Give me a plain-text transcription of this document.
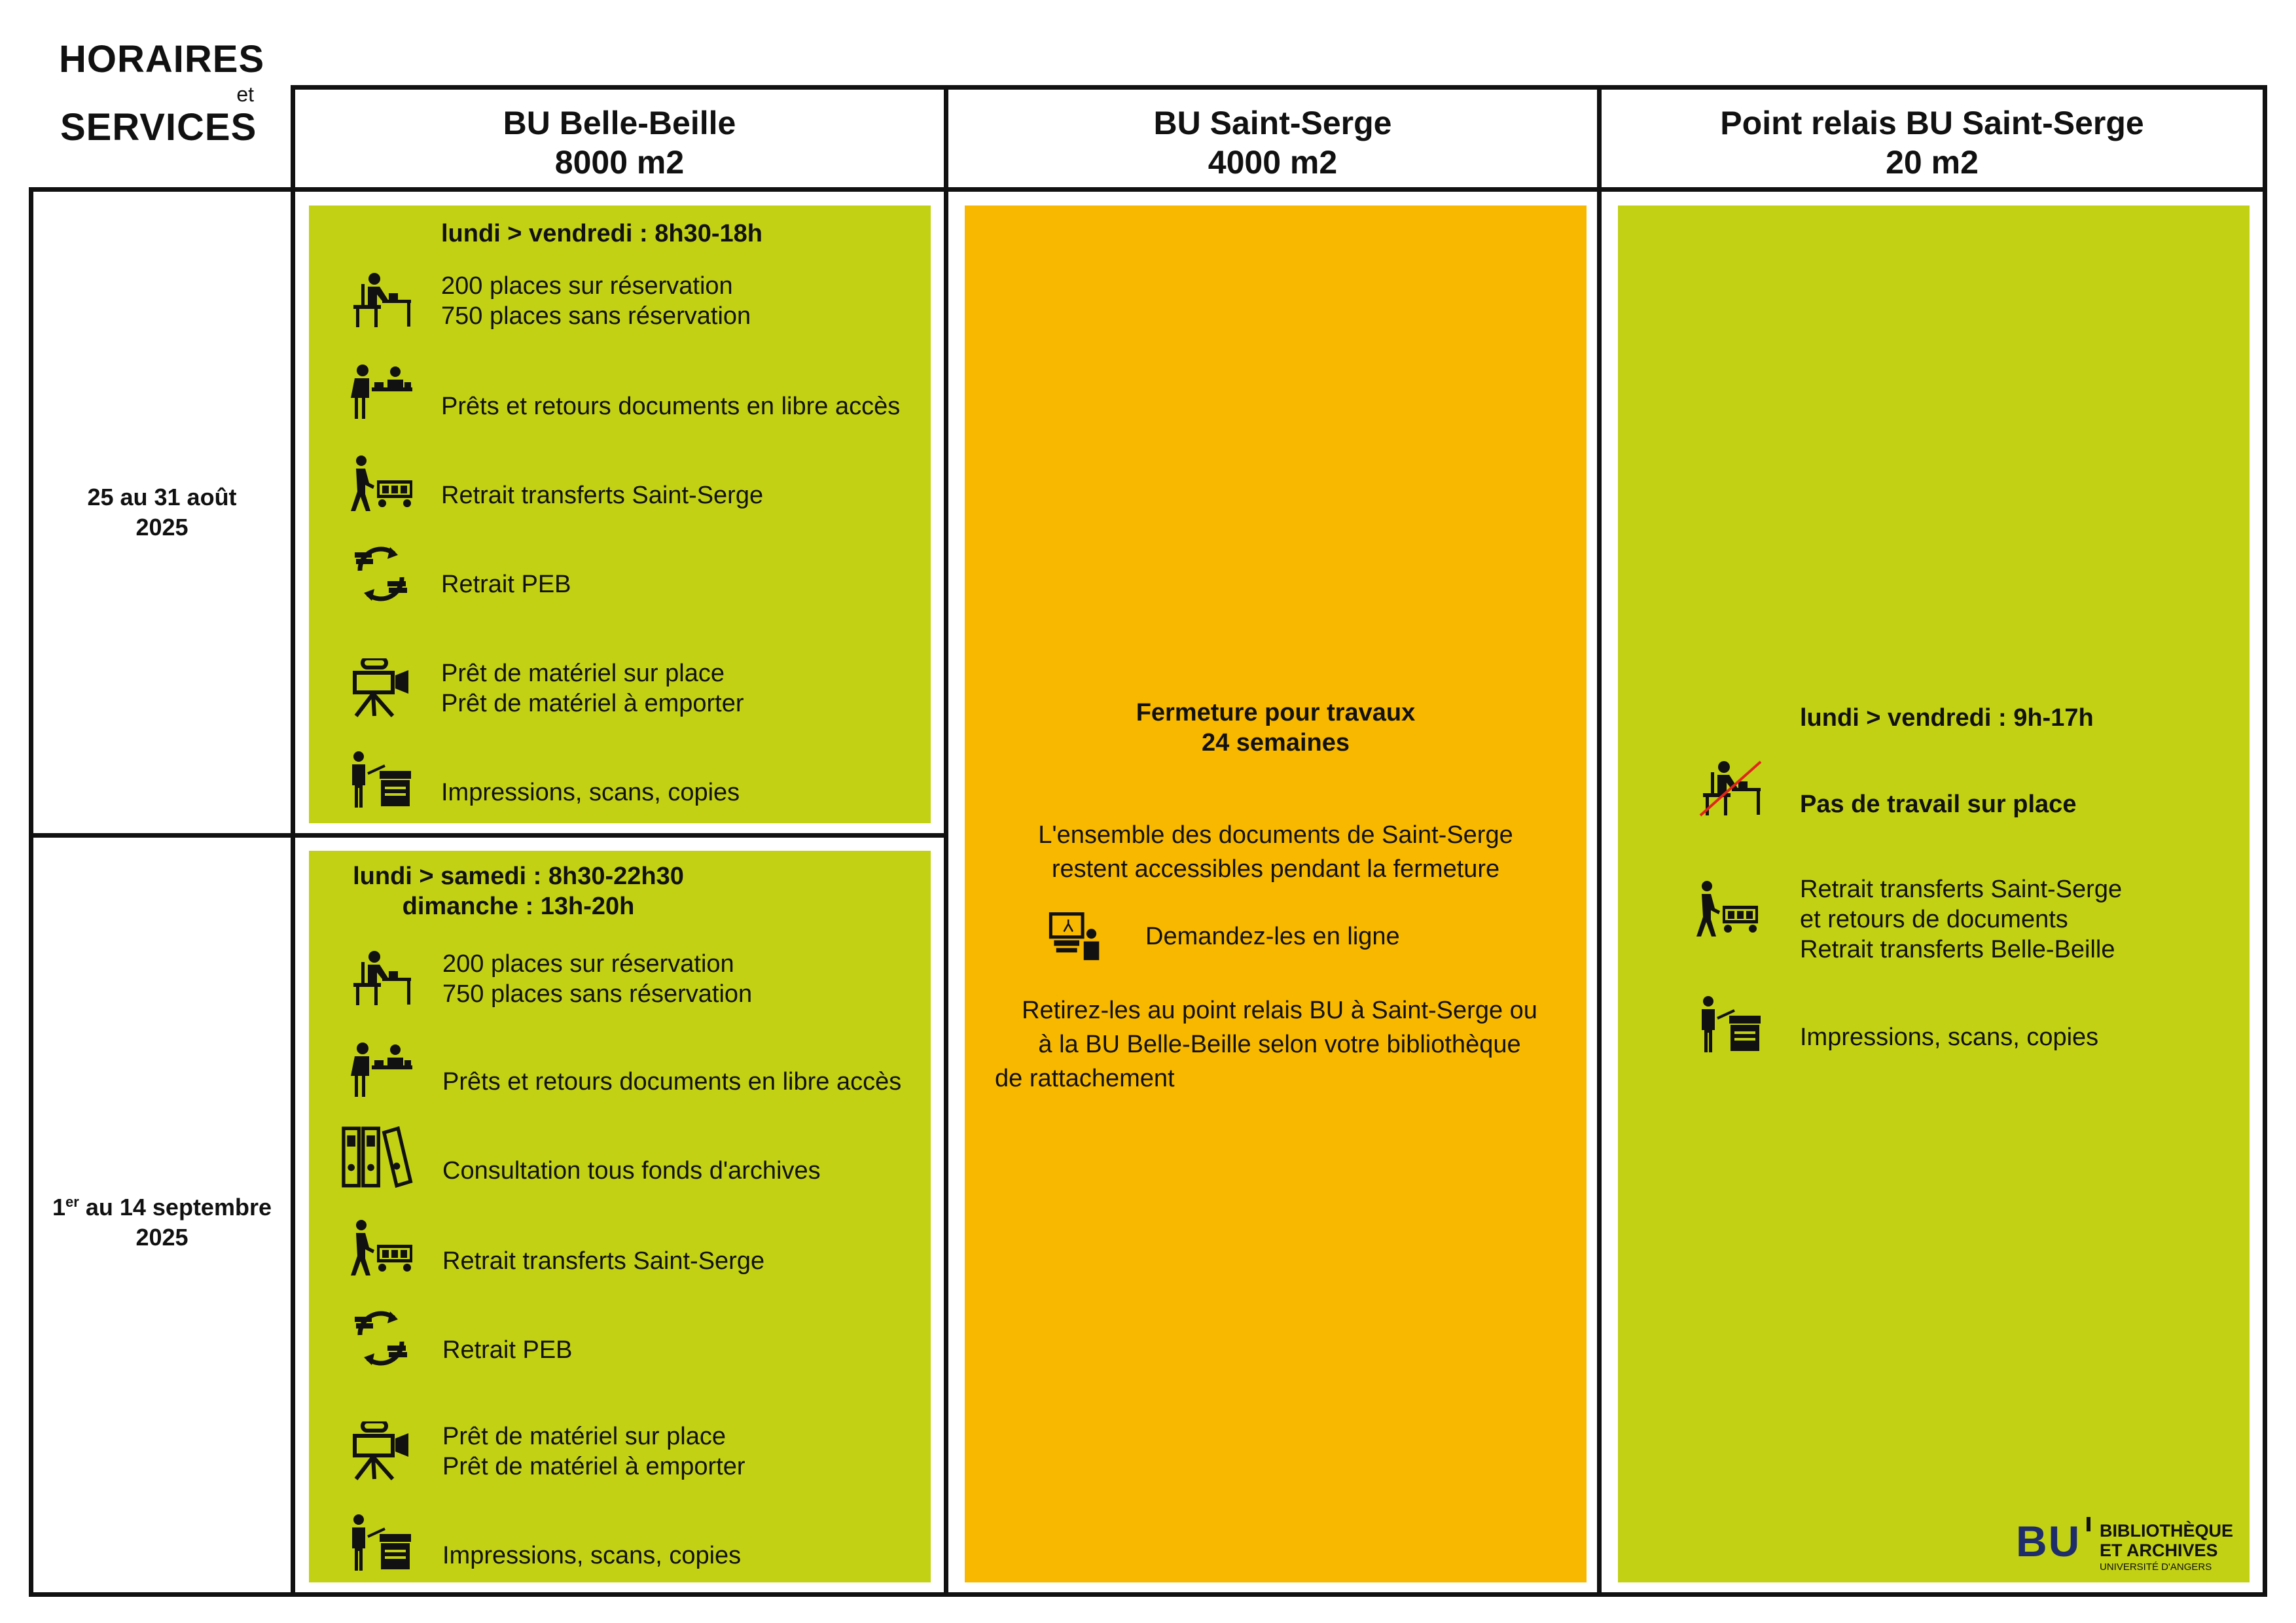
HORAIRES
et
SERVICES	BU Belle-Beille
8000 m2
BU Saint-Serge
4000 m2
Point relais BU Saint-Serge
20 m2
25 au 31 août
2025
1er au 14 septembre
2025
lundi > vendredi : 8h30-18h
200 places sur réservation
750 places sans réservation
Prêts et retours documents en libre accès
Retrait transferts Saint-Serge
Retrait PEB
Prêt de matériel sur place
Prêt de matériel à emporter
Impressions, scans, copies
lundi > samedi : 8h30-22h30
dimanche : 13h-20h
200 places sur réservation
750 places sans réservation
Prêts et retours documents en libre accès
Consultation tous fonds d'archives
Retrait transferts Saint-Serge
Retrait PEB
Prêt de matériel sur place
Prêt de matériel à emporter
Impressions, scans, copies
Fermeture pour travaux
24 semaines
L'ensemble des documents de Saint-Serge
restent accessibles pendant la fermeture
Demandez-les en ligne
Retirez-les au point relais BU à Saint-Serge ou
à la BU Belle-Beille selon votre bibliothèque
de rattachement
lundi > vendredi : 9h-17h
Pas de travail sur place
Retrait transferts Saint-Serge
et retours de documents
Retrait transferts Belle-Beille
Impressions, scans, copies
BU BIBLIOTHÈQUE
ET ARCHIVES
UNIVERSITÉ D'ANGERS
